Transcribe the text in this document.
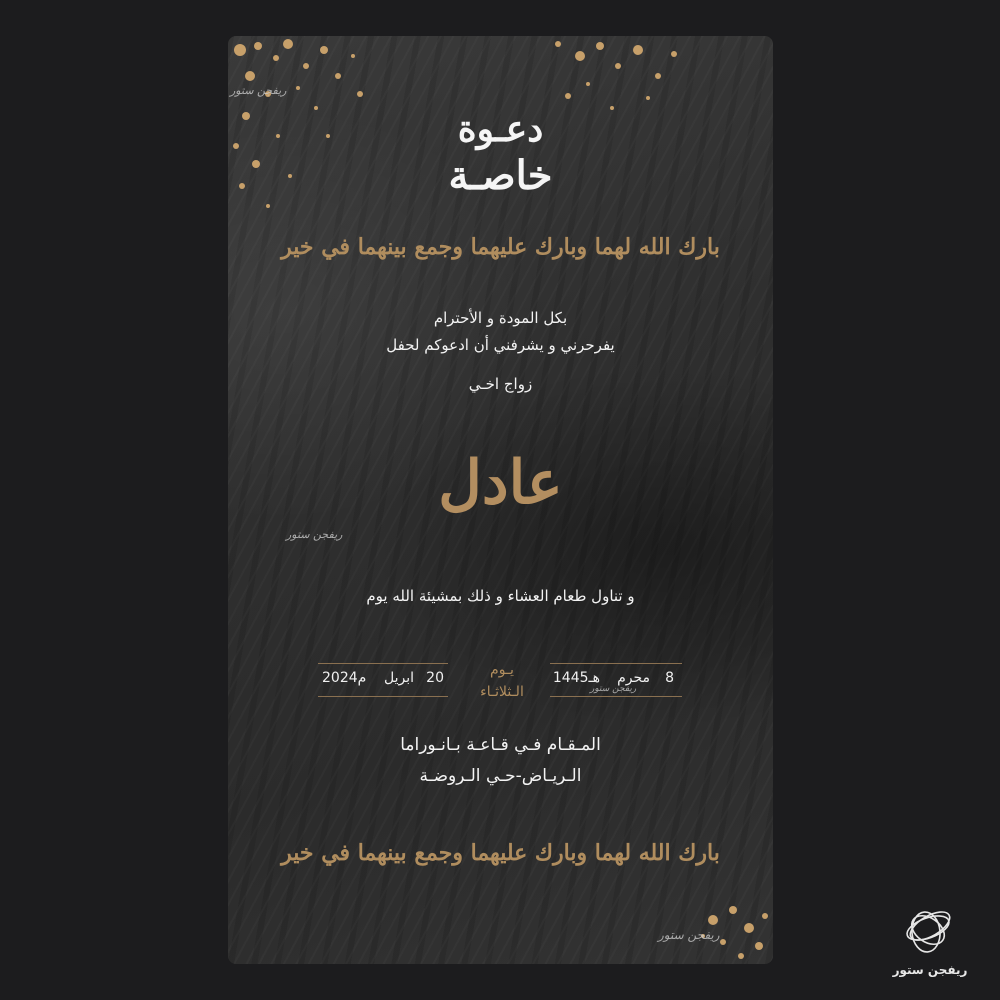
ريفجن ستور
دعـوة
خاصـة
بارك الله لهما وبارك عليهما وجمع بينهما في خير
بكل المودة و الأحترام
يفرحرني و يشرفني أن ادعوكم لحفل
زواج اخـي
عادل
ريفجن ستور
و تناول طعام العشاء و ذلك بمشيئة الله يوم
8
محرم
1445هـ
ريفجن ستور
يـوم
الـثلاثـاء
20
ابريل
2024م
المـقـام فـي قـاعـة بـانـوراما
الـريـاض-حـي الـروضـة
بارك الله لهما وبارك عليهما وجمع بينهما في خير
ريفجن ستور
ريفجن ستور
